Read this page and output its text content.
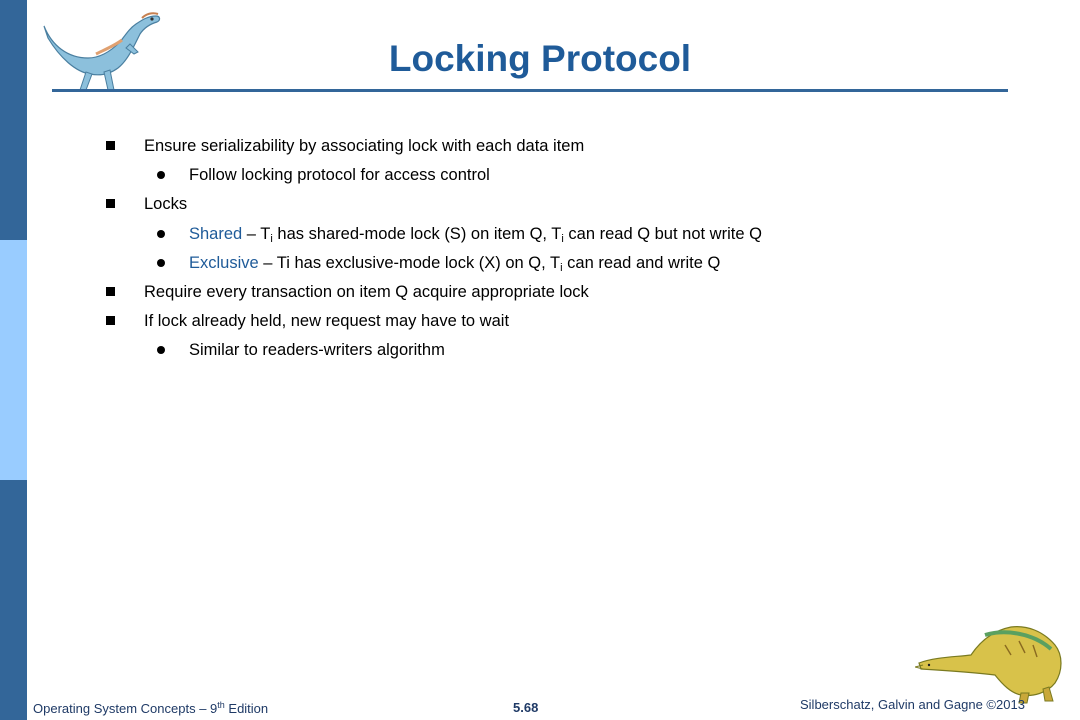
Locking Protocol
Ensure serializability by associating lock with each data item
Follow locking protocol for access control
Locks
Shared – $T_i$ has shared-mode lock (S) on item Q, $T_i$ can read Q but not write Q
Exclusive – Ti has exclusive-mode lock (X) on Q, $T_i$ can read and write Q
Require every transaction on item Q acquire appropriate lock
If lock already held, new request may have to wait
Similar to readers-writers algorithm
Operating System Concepts – 9th Edition	5.68	Silberschatz, Galvin and Gagne ©2013
